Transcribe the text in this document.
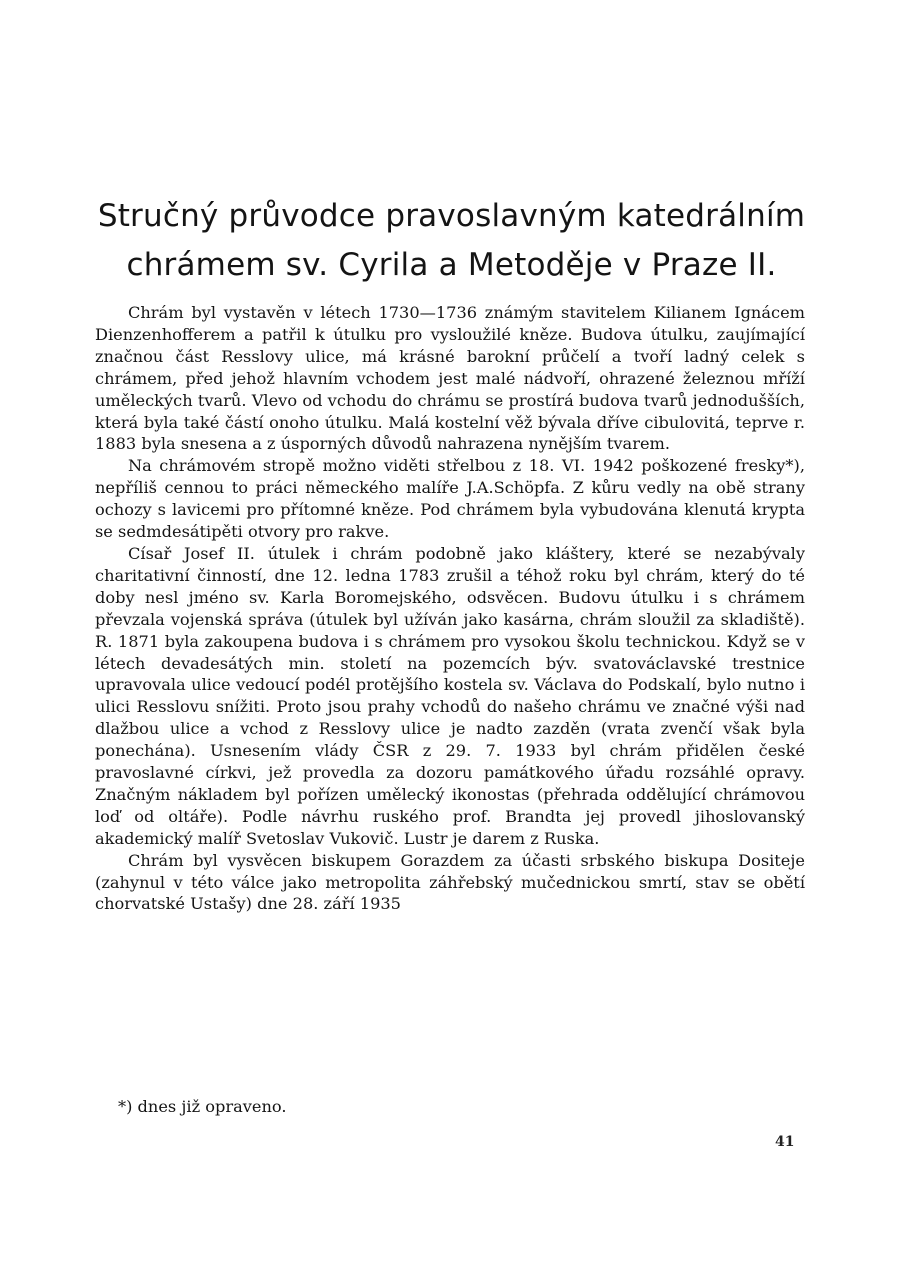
Stručný průvodce pravoslavným katedrálním
chrámem sv. Cyrila a Metoděje v Praze II.

Chrám byl vystavěn v létech 1730—1736 známým stavitelem Kilianem Ignácem Dienzenhofferem a patřil k útulku pro vysloužilé kněze. Budova útulku, zaujímající značnou část Resslovy ulice, má krásné barokní průčelí a tvoří ladný celek s chrámem, před jehož hlavním vchodem jest malé nádvoří, ohrazené železnou mříží uměleckých tvarů. Vlevo od vchodu do chrámu se prostírá budova tvarů jednodušších, která byla také částí onoho útulku. Malá kostelní věž bývala dříve cibulovitá, teprve r. 1883 byla snesena a z úsporných důvodů nahrazena nynějším tvarem.

Na chrámovém stropě možno viděti střelbou z 18. VI. 1942 poškozené fresky*), nepříliš cennou to práci německého malíře J.A.Schöpfa. Z kůru vedly na obě strany ochozy s lavicemi pro přítomné kněze. Pod chrámem byla vybudována klenutá krypta se sedmdesátipěti otvory pro rakve.

Císař Josef II. útulek i chrám podobně jako kláštery, které se nezabývaly charitativní činností, dne 12. ledna 1783 zrušil a téhož roku byl chrám, který do té doby nesl jméno sv. Karla Boromejského, odsvěcen. Budovu útulku i s chrámem převzala vojenská správa (útulek byl užíván jako kasárna, chrám sloužil za skladiště). R. 1871 byla zakoupena budova i s chrámem pro vysokou školu technickou. Když se v létech devadesátých min. století na pozemcích býv. svatováclavské trestnice upravovala ulice vedoucí podél protějšího kostela sv. Václava do Podskalí, bylo nutno i ulici Resslovu snížiti. Proto jsou prahy vchodů do našeho chrámu ve značné výši nad dlažbou ulice a vchod z Resslovy ulice je nadto zazděn (vrata zvenčí však byla ponechána). Usnesením vlády ČSR z 29. 7. 1933 byl chrám přidělen české pravoslavné církvi, jež provedla za dozoru památkového úřadu rozsáhlé opravy. Značným nákladem byl pořízen umělecký ikonostas (přehrada oddělující chrámovou loď od oltáře). Podle návrhu ruského prof. Brandta jej provedl jihoslovanský akademický malíř Svetoslav Vukovič. Lustr je darem z Ruska.

Chrám byl vysvěcen biskupem Gorazdem za účasti srbského biskupa Dositeje (zahynul v této válce jako metropolita záhřebský mučednickou smrtí, stav se obětí chorvatské Ustašy) dne 28. září 1935

*) dnes již opraveno.

41
